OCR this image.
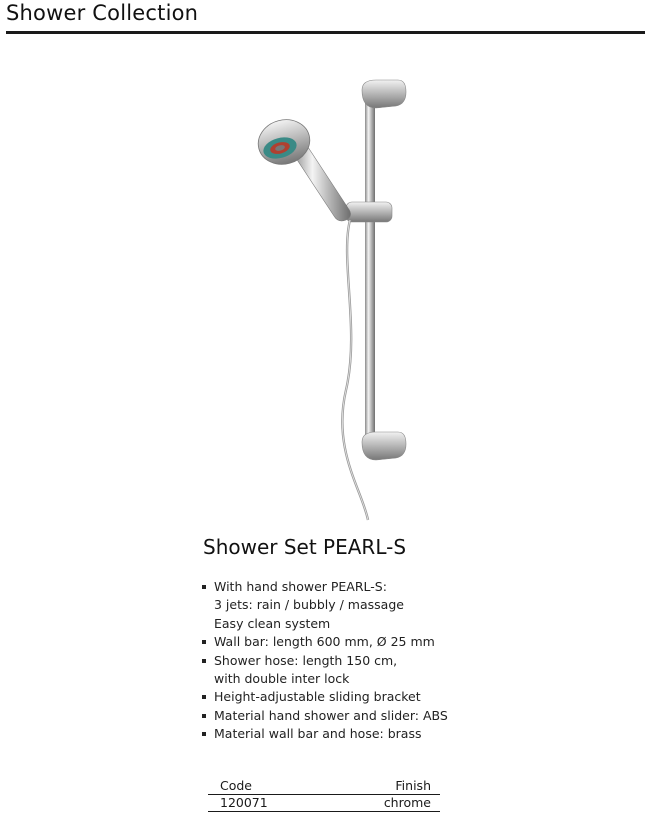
Shower Collection
Shower Set PEARL-S
With hand shower PEARL-S:
3 jets: rain / bubbly / massage
Easy clean system
Wall bar: length 600 mm, Ø 25 mm
Shower hose: length 150 cm,
with double inter lock
Height-adjustable sliding bracket
Material hand shower and slider: ABS
Material wall bar and hose: brass
Code	Finish
120071	chrome
